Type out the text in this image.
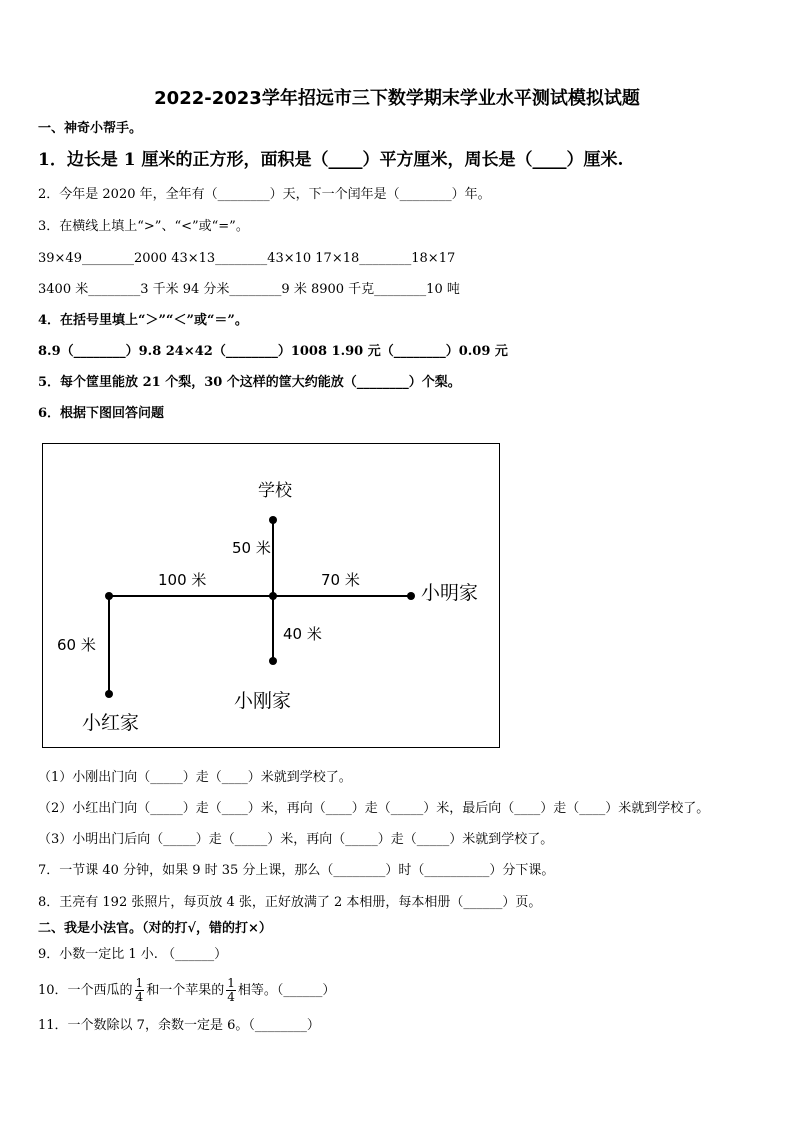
2022-2023学年招远市三下数学期末学业水平测试模拟试题
一、神奇小帮手。
1．边长是 1 厘米的正方形，面积是（____）平方厘米，周长是（____）厘米.
2．今年是 2020 年，全年有（________）天，下一个闰年是（________）年。
3．在横线上填上“>”、“<”或“=”。
39×49________2000 43×13________43×10 17×18________18×17
3400 米________3 千米 94 分米________9 米 8900 千克________10 吨
4．在括号里填上“＞”“＜”或“＝”。
8.9（________）9.8 24×42（________）1008 1.90 元（________）0.09 元
5．每个筐里能放 21 个梨，30 个这样的筐大约能放（________）个梨。
6．根据下图回答问题
学校
小明家
小刚家
小红家
50 米
100 米	70 米
40 米
60 米
（1）小刚出门向（_____）走（____）米就到学校了。
（2）小红出门向（_____）走（____）米，再向（____）走（_____）米，最后向（____）走（____）米就到学校了。
（3）小明出门后向（_____）走（_____）米，再向（_____）走（_____）米就到学校了。
7．一节课 40 分钟，如果 9 时 35 分上课，那么（________）时（__________）分下课。
8．王亮有 192 张照片，每页放 4 张，正好放满了 2 本相册，每本相册（______）页。
二、我是小法官。（对的打√，错的打×）
9．小数一定比 1 小. （______）
10．一个西瓜的 $\frac{1}{4}$ 和一个苹果的 $\frac{1}{4}$ 相等。（______）
11．一个数除以 7，余数一定是 6。（________）
